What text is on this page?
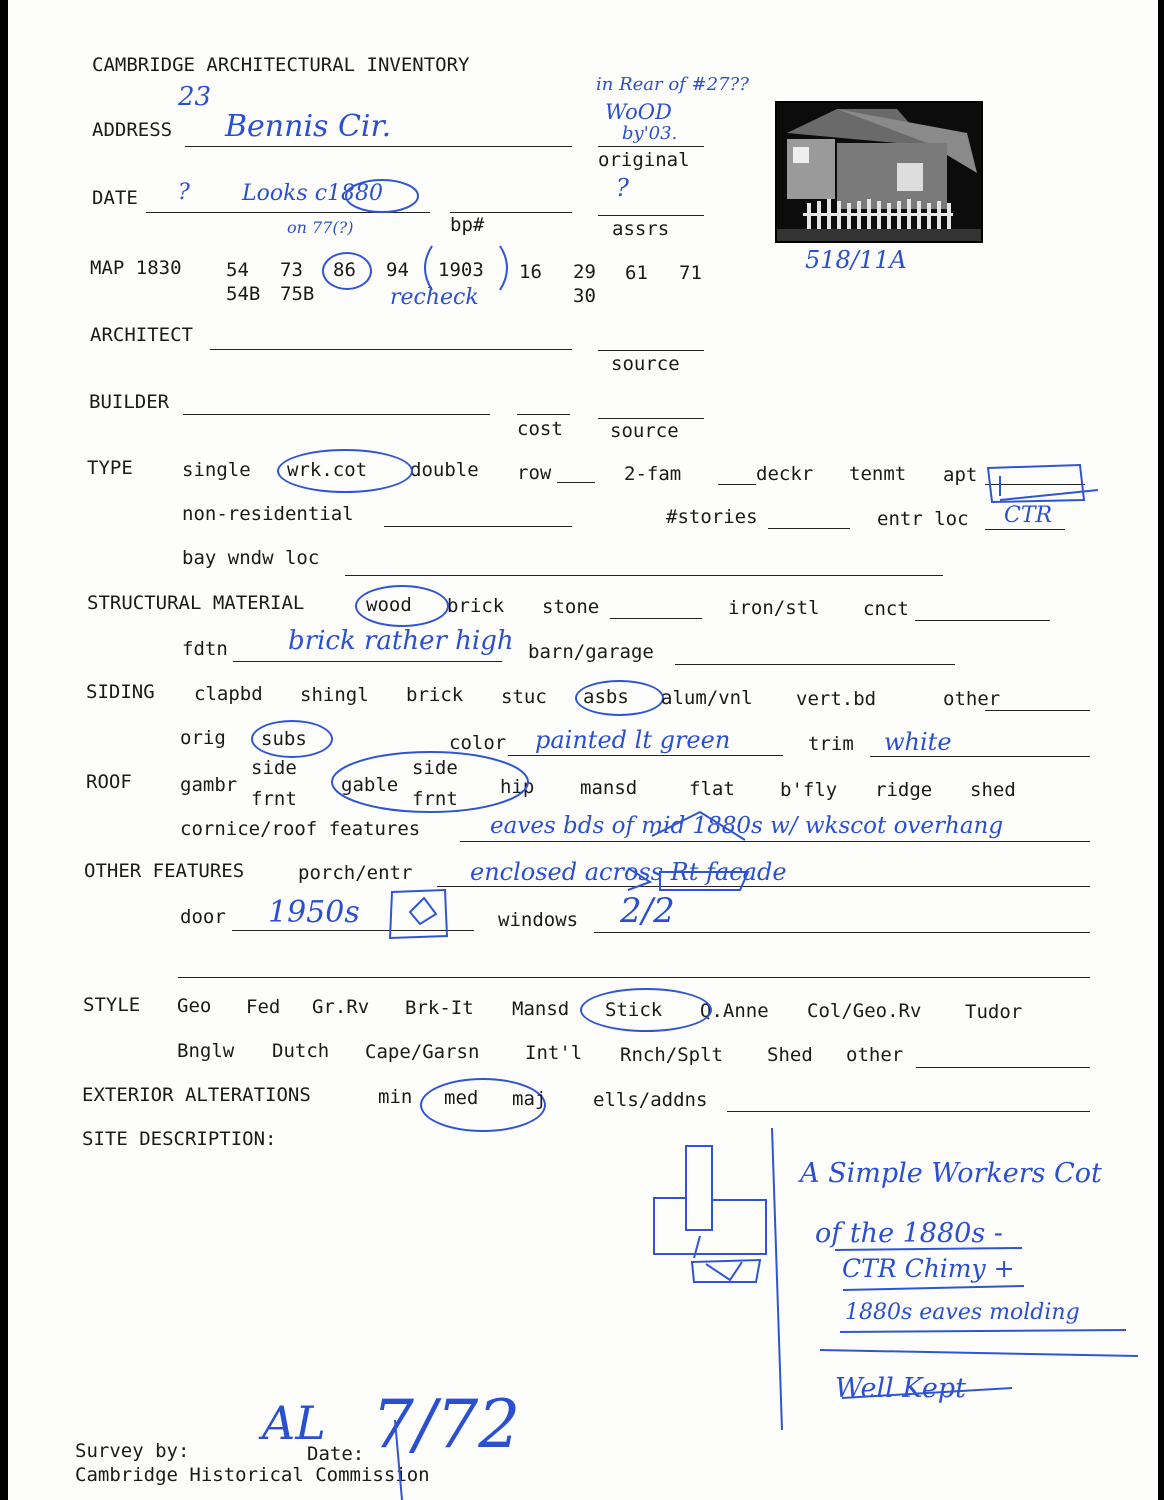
CAMBRIDGE ARCHITECTURAL INVENTORY
518/11A
ADDRESS
23
Bennis Cir.
in Rear of #27??
WoOD
by'03.
original
DATE ? Looks c1880
on 77(?)
?
bp#	assrs
MAP 1830 54 73 86 94 1903 16 29 61 71
54B 75B	30
recheck
ARCHITECT
source
BUILDER
cost source
TYPE	single wrk.cot double row	2-fam	deckr tenmt apt
non-residential	#stories	entr loc CTR
bay wndw loc
STRUCTURAL MATERIAL	wood brick stone	iron/stl cnct
fdtn brick rather high barn/garage
SIDING clapbd shingl brick stuc asbs alum/vnl vert.bd	other
orig subs	color painted lt green	trim white
ROOF	gambr
side
frnt
gable
side
frnt
hip mansd	flat b'fly ridge shed
cornice/roof features	eaves bds of mid 1880s w/ wkscot overhang
OTHER FEATURES	porch/entr enclosed across Rt facade
door 1950s	windows 2/2
STYLE Geo Fed Gr.Rv Brk-It Mansd Stick Q.Anne Col/Geo.Rv Tudor
Bnglw Dutch Cape/Garsn Int'l Rnch/Splt Shed other
EXTERIOR ALTERATIONS	min med maj ells/addns
SITE DESCRIPTION:
A Simple Workers Cot
of the 1880s -
CTR Chimy +
1880s eaves molding
Well Kept
Survey by:
AL
Date: 7/72
Cambridge Historical Commission
